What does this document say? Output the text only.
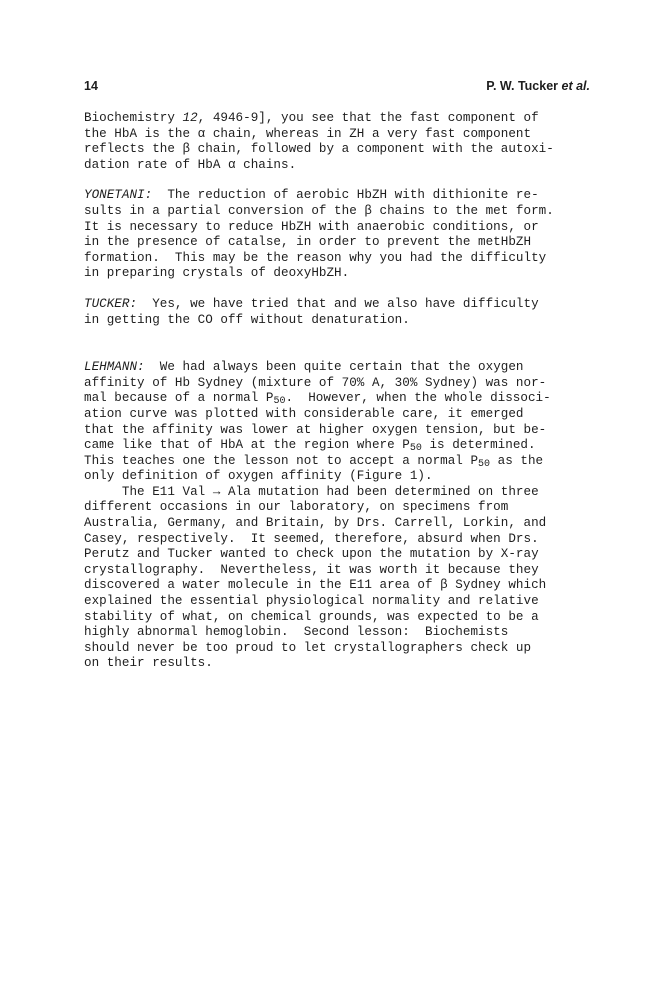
14	P. W. Tucker et al.
Biochemistry 12, 4946-9], you see that the fast component of
the HbA is the α chain, whereas in ZH a very fast component
reflects the β chain, followed by a component with the autoxi-
dation rate of HbA α chains.
YONETANI:  The reduction of aerobic HbZH with dithionite re-
sults in a partial conversion of the β chains to the met form.
It is necessary to reduce HbZH with anaerobic conditions, or
in the presence of catalse, in order to prevent the metHbZH
formation.  This may be the reason why you had the difficulty
in preparing crystals of deoxyHbZH.
TUCKER:  Yes, we have tried that and we also have difficulty
in getting the CO off without denaturation.
LEHMANN:  We had always been quite certain that the oxygen
affinity of Hb Sydney (mixture of 70% A, 30% Sydney) was nor-
mal because of a normal $P_{50}$.  However, when the whole dissoci-
ation curve was plotted with considerable care, it emerged
that the affinity was lower at higher oxygen tension, but be-
came like that of HbA at the region where $P_{50}$ is determined.
This teaches one the lesson not to accept a normal $P_{50}$ as the
only definition of oxygen affinity (Figure 1).
The E11 Val → Ala mutation had been determined on three
different occasions in our laboratory, on specimens from
Australia, Germany, and Britain, by Drs. Carrell, Lorkin, and
Casey, respectively.  It seemed, therefore, absurd when Drs.
Perutz and Tucker wanted to check upon the mutation by X-ray
crystallography.  Nevertheless, it was worth it because they
discovered a water molecule in the E11 area of β Sydney which
explained the essential physiological normality and relative
stability of what, on chemical grounds, was expected to be a
highly abnormal hemoglobin.  Second lesson:  Biochemists
should never be too proud to let crystallographers check up
on their results.
